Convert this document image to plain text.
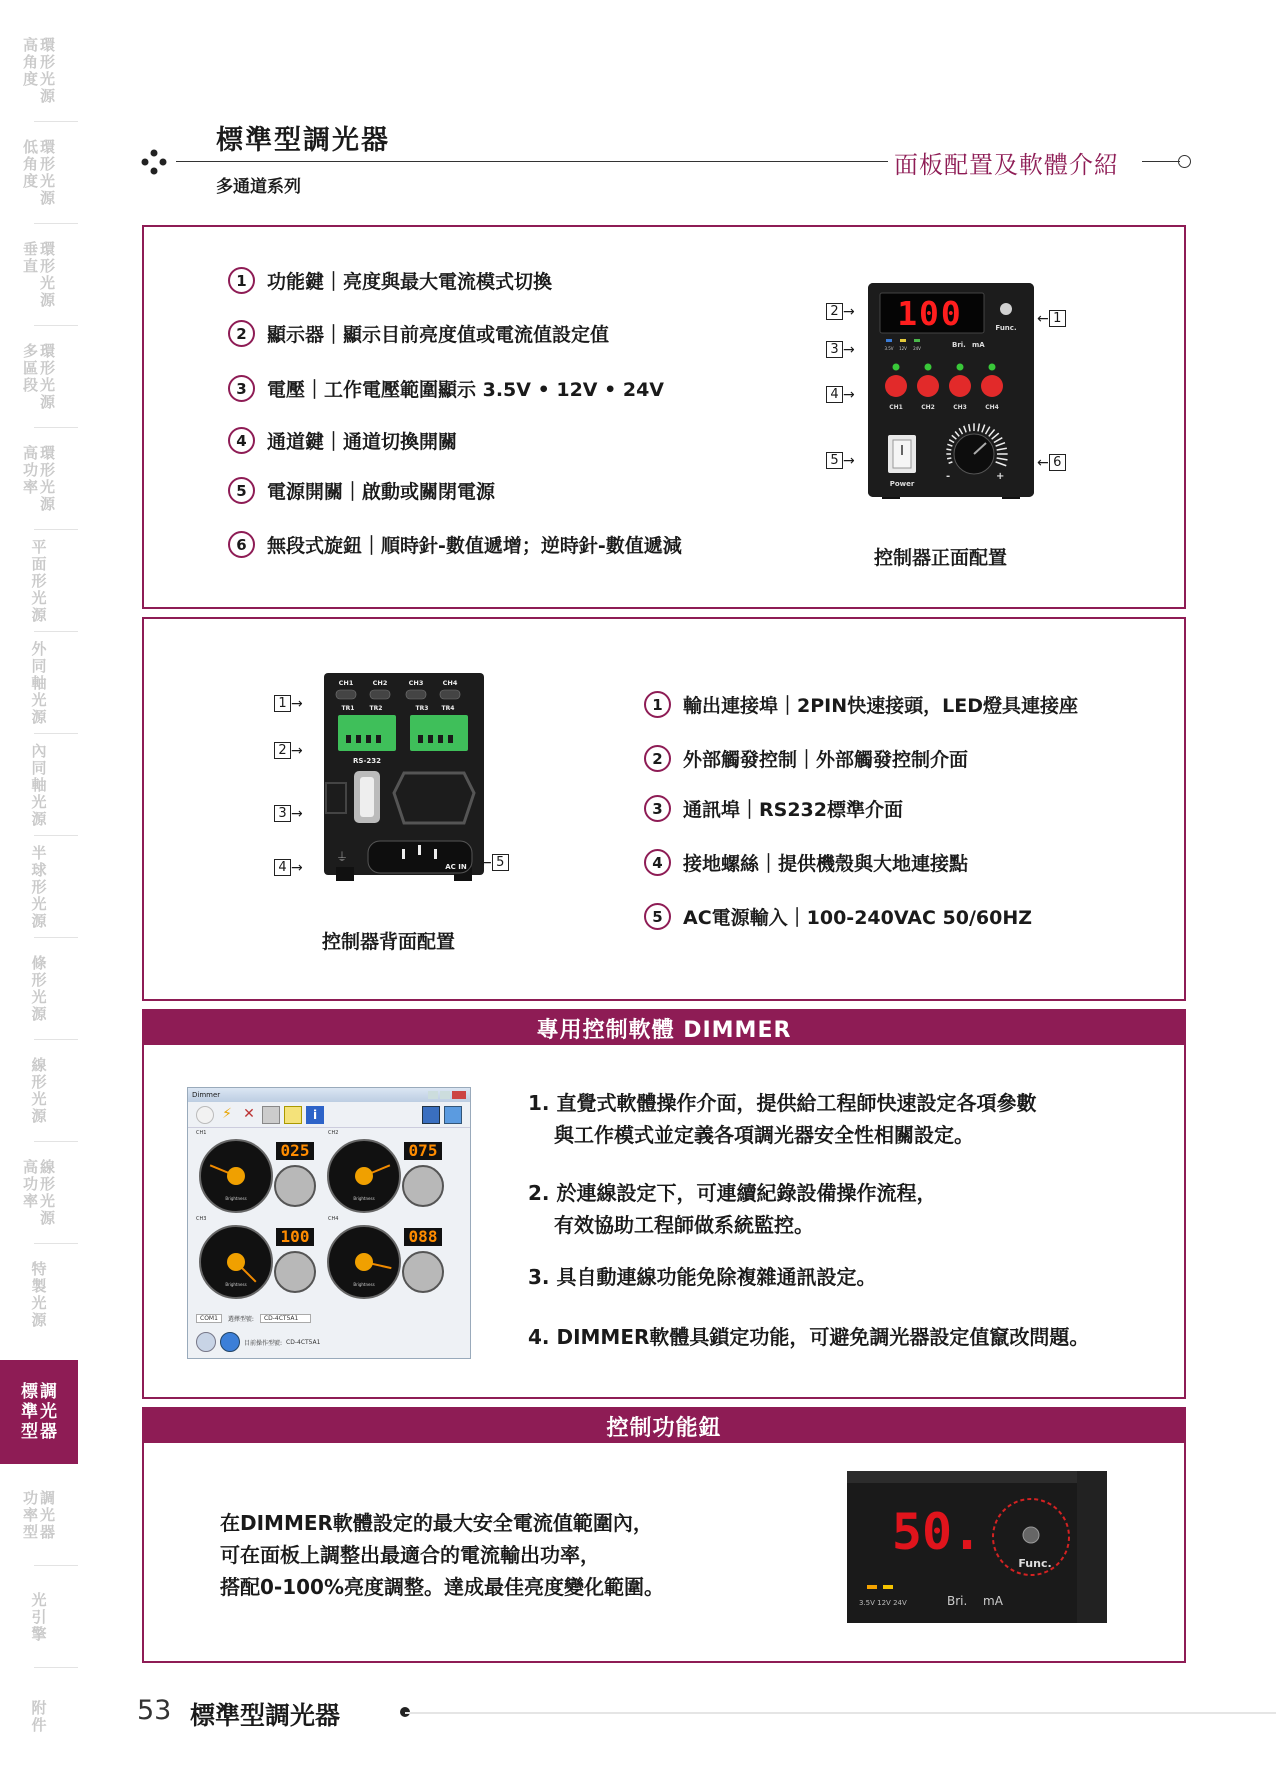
環
形
光
源
高
角
度
環
形
光
源
低
角
度
環
形
光
源
垂
直
環
形
光
源
多
區
段
環
形
光
源
高
功
率
平
面
形
光
源
外
同
軸
光
源
內
同
軸
光
源
半
球
形
光
源
條
形
光
源
線
形
光
源
線
形
光
源
高
功
率
特
製
光
源
調
光
器
標
準
型
調
光
器
功
率
型
光
引
擎
附
件
標準型調光器
多通道系列
面板配置及軟體介紹
1	功能鍵｜亮度與最大電流模式切換
2	顯示器｜顯示目前亮度值或電流值設定值
3	電壓｜工作電壓範圍顯示 3.5V • 12V • 24V
4	通道鍵｜通道切換開關
5	電源開關｜啟動或關閉電源
6	無段式旋鈕｜順時針-數值遞增；逆時針-數值遞減
100	Func.
3.5V 12V 24V	Bri. mA
CH1	CH2	CH3	CH4
Power
-	+
2 →
3 →
4 →
5 →
← 1
← 6
控制器正面配置
CH1	CH2	CH3	CH4
TR1	TR2	TR3 TR4
RS-232
AC IN
⏚
1 →
2 →
3 →
4 →	← 5
控制器背面配置
1	輸出連接埠｜2PIN快速接頭，LED燈具連接座
2	外部觸發控制｜外部觸發控制介面
3	通訊埠｜RS232標準介面
4	接地螺絲｜提供機殼與大地連接點
5	AC電源輸入｜100-240VAC 50/60HZ
專用控制軟體 DIMMER
Dimmer
⚡ ✕	i
CH1	CH2
CH3	CH4
Brightness
025
Brightness
075
Brightness
100
Brightness
088
COM1	選擇型號:	CD-4CT5A1
目前操作型號: CD-4CT5A1
1. 直覺式軟體操作介面，提供給工程師快速設定各項參數
與工作模式並定義各項調光器安全性相關設定。
2. 於連線設定下，可連續紀錄設備操作流程，
有效協助工程師做系統監控。
3. 具自動連線功能免除複雜通訊設定。
4. DIMMER軟體具鎖定功能，可避免調光器設定值竄改問題。
控制功能鈕
在DIMMER軟體設定的最大安全電流值範圍內，
可在面板上調整出最適合的電流輸出功率，
搭配0-100%亮度調整。達成最佳亮度變化範圍。
50.
Func.
3.5V 12V 24V	Bri. mA
53 標準型調光器
